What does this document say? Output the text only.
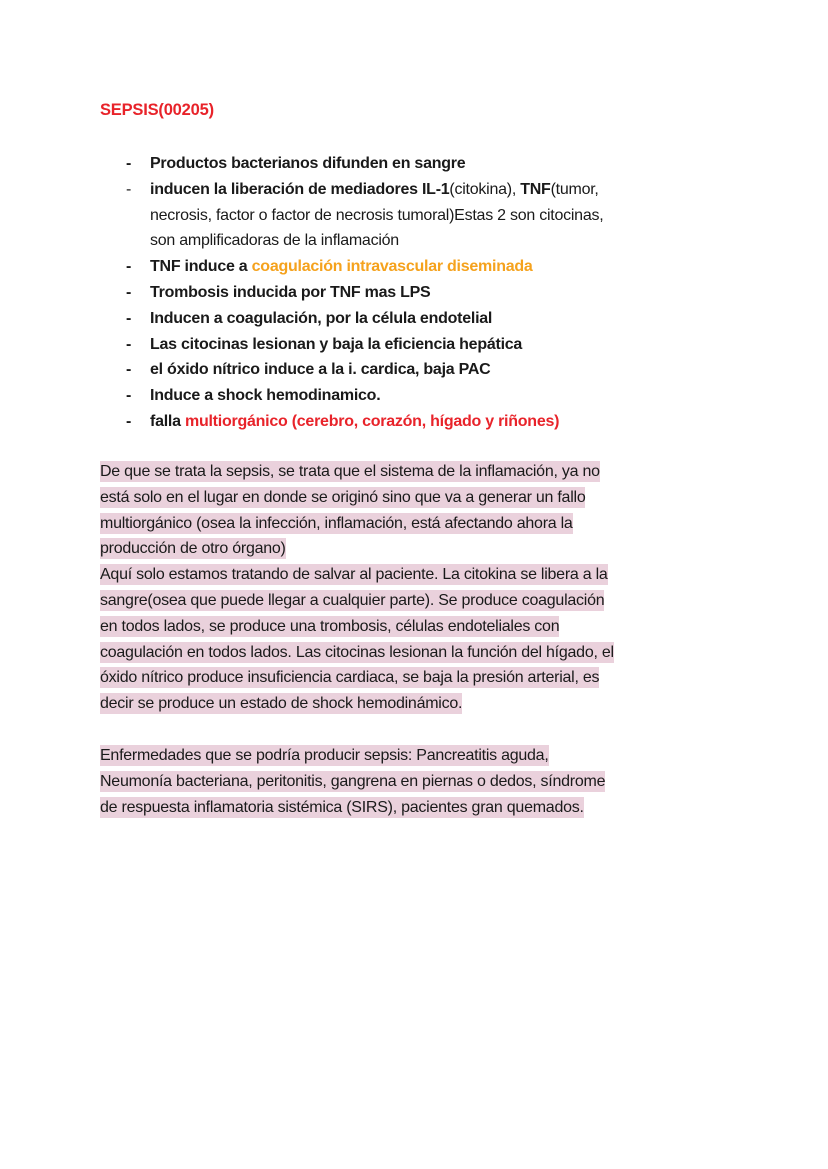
SEPSIS(00205)
- Productos bacterianos difunden en sangre
- inducen la liberación de mediadores IL-1(citokina), TNF(tumor,
necrosis, factor o factor de necrosis tumoral)Estas 2 son citocinas,
son amplificadoras de la inflamación
- TNF induce a coagulación intravascular diseminada
- Trombosis inducida por TNF mas LPS
- Inducen a coagulación, por la célula endotelial
- Las citocinas lesionan y baja la eficiencia hepática
- el óxido nítrico induce a la i. cardica, baja PAC
- Induce a shock hemodinamico.
- falla multiorgánico (cerebro, corazón, hígado y riñones)
De que se trata la sepsis, se trata que el sistema de la inflamación, ya no
está solo en el lugar en donde se originó sino que va a generar un fallo
multiorgánico (osea la infección, inflamación, está afectando ahora la
producción de otro órgano)
Aquí solo estamos tratando de salvar al paciente. La citokina se libera a la
sangre(osea que puede llegar a cualquier parte). Se produce coagulación
en todos lados, se produce una trombosis, células endoteliales con
coagulación en todos lados. Las citocinas lesionan la función del hígado, el
óxido nítrico produce insuficiencia cardiaca, se baja la presión arterial, es
decir se produce un estado de shock hemodinámico.
Enfermedades que se podría producir sepsis: Pancreatitis aguda,
Neumonía bacteriana, peritonitis, gangrena en piernas o dedos, síndrome
de respuesta inflamatoria sistémica (SIRS), pacientes gran quemados.
